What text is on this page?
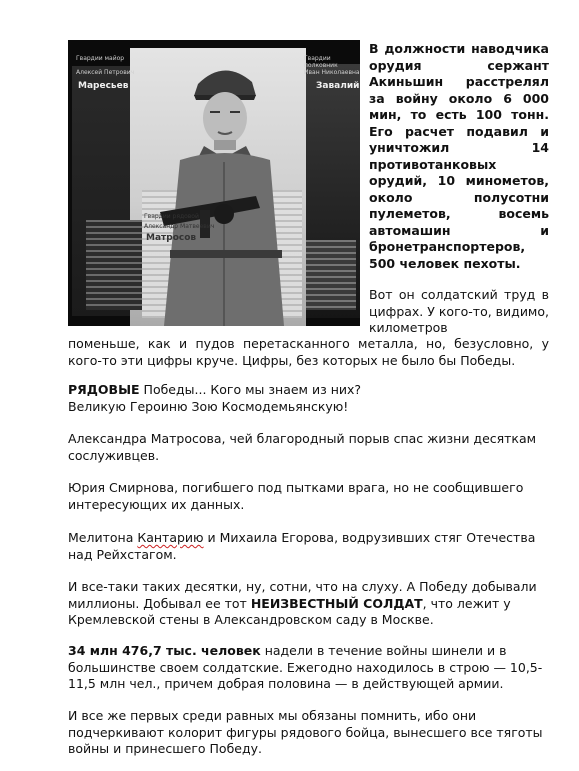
Гвардии майор
Алексей Петрович
Маресьев
Гвардии полковник
Иван Николаевна
Завалий
Гвардии рядовой
Александр Матвеевич
Матросов

В должности наводчика орудия сержант Акиньшин расстрелял за войну около 6 000 мин, то есть 100 тонн. Его расчет подавил и уничтожил 14 противотанковых орудий, 10 минометов, около полусотни пулеметов, восемь автомашин и бронетранспортеров, 500 человек пехоты.

Вот он солдатский труд в цифрах. У кого-то, видимо, километров

поменьше, как и пудов перетасканного металла, но, безусловно, у кого-то эти цифры круче. Цифры, без которых не было бы Победы.

РЯДОВЫЕ Победы... Кого мы знаем из них?
Великую Героиню Зою Космодемьянскую!

Александра Матросова, чей благородный порыв спас жизни десяткам сослуживцев.

Юрия Смирнова, погибшего под пытками врага, но не сообщившего интересующих их данных.

Мелитона Кантарию и Михаила Егорова, водрузивших стяг Отечества над Рейхстагом.

И все-таки таких десятки, ну, сотни, что на слуху. А Победу добывали миллионы. Добывал ее тот НЕИЗВЕСТНЫЙ СОЛДАТ, что лежит у Кремлевской стены в Александровском саду в Москве.

34 млн 476,7 тыс. человек надели в течение войны шинели и в большинстве своем солдатские. Ежегодно находилось в строю — 10,5-11,5 млн чел., причем добрая половина — в действующей армии.

И все же первых среди равных мы обязаны помнить, ибо они подчеркивают колорит фигуры рядового бойца, вынесшего все тяготы войны и принесшего Победу.
